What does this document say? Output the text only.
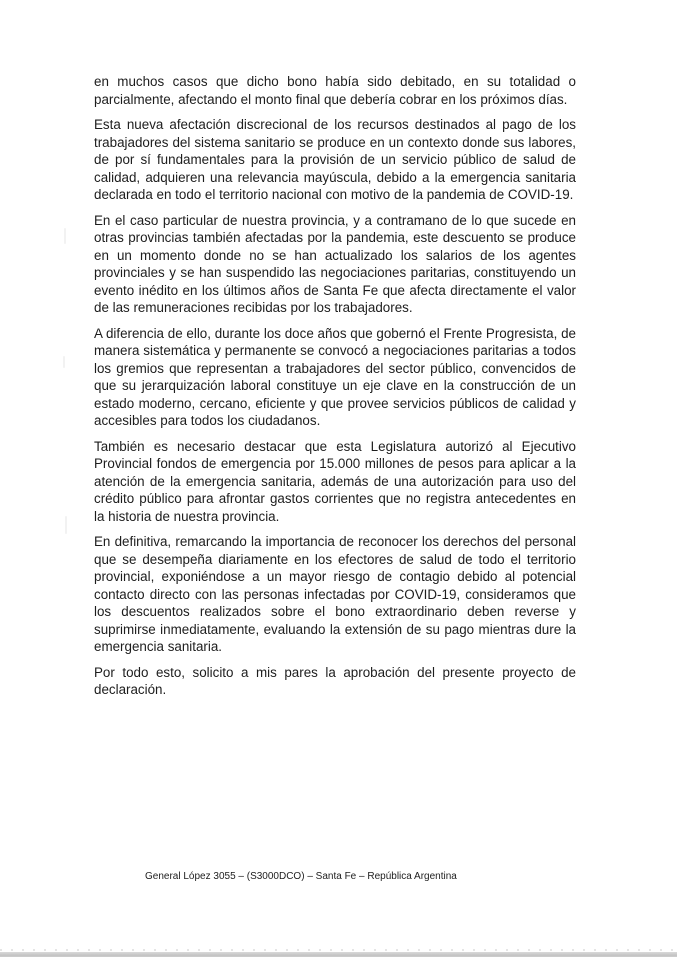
en muchos casos que dicho bono había sido debitado, en su totalidad o parcialmente, afectando el monto final que debería cobrar en los próximos días.

Esta nueva afectación discrecional de los recursos destinados al pago de los trabajadores del sistema sanitario se produce en un contexto donde sus labores, de por sí fundamentales para la provisión de un servicio público de salud de calidad, adquieren una relevancia mayúscula, debido a la emergencia sanitaria declarada en todo el territorio nacional con motivo de la pandemia de COVID-19.

En el caso particular de nuestra provincia, y a contramano de lo que sucede en otras provincias también afectadas por la pandemia, este descuento se produce en un momento donde no se han actualizado los salarios de los agentes provinciales y se han suspendido las negociaciones paritarias, constituyendo un evento inédito en los últimos años de Santa Fe que afecta directamente el valor de las remuneraciones recibidas por los trabajadores.

A diferencia de ello, durante los doce años que gobernó el Frente Progresista, de manera sistemática y permanente se convocó a negociaciones paritarias a todos los gremios que representan a trabajadores del sector público, convencidos de que su jerarquización laboral constituye un eje clave en la construcción de un estado moderno, cercano, eficiente y que provee servicios públicos de calidad y accesibles para todos los ciudadanos.

También es necesario destacar que esta Legislatura autorizó al Ejecutivo Provincial fondos de emergencia por 15.000 millones de pesos para aplicar a la atención de la emergencia sanitaria, además de una autorización para uso del crédito público para afrontar gastos corrientes que no registra antecedentes en la historia de nuestra provincia.

En definitiva, remarcando la importancia de reconocer los derechos del personal que se desempeña diariamente en los efectores de salud de todo el territorio provincial, exponiéndose a un mayor riesgo de contagio debido al potencial contacto directo con las personas infectadas por COVID-19, consideramos que los descuentos realizados sobre el bono extraordinario deben reverse y suprimirse inmediatamente, evaluando la extensión de su pago mientras dure la emergencia sanitaria.

Por todo esto, solicito a mis pares la aprobación del presente proyecto de declaración.

General López 3055 – (S3000DCO) – Santa Fe – República Argentina
